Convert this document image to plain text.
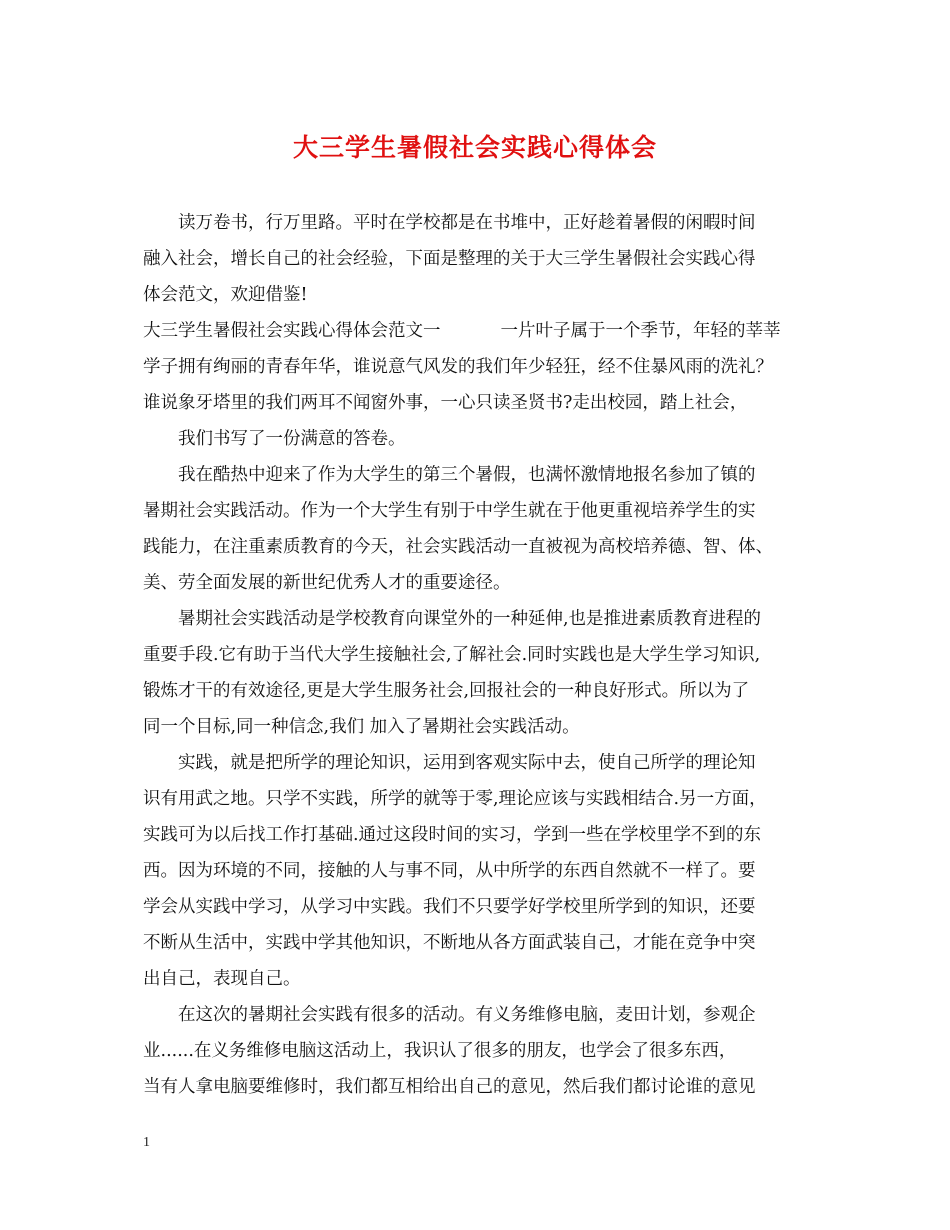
大三学生暑假社会实践心得体会
读万卷书，行万里路。平时在学校都是在书堆中，正好趁着暑假的闲暇时间
融入社会，增长自己的社会经验，下面是整理的关于大三学生暑假社会实践心得
体会范文，欢迎借鉴!
大三学生暑假社会实践心得体会范文一	一片叶子属于一个季节，年轻的莘莘
学子拥有绚丽的青春年华，谁说意气风发的我们年少轻狂，经不住暴风雨的洗礼？
谁说象牙塔里的我们两耳不闻窗外事，一心只读圣贤书?走出校园，踏上社会，
我们书写了一份满意的答卷。
我在酷热中迎来了作为大学生的第三个暑假，也满怀激情地报名参加了镇的
暑期社会实践活动。作为一个大学生有别于中学生就在于他更重视培养学生的实
践能力，在注重素质教育的今天，社会实践活动一直被视为高校培养德、智、体、
美、劳全面发展的新世纪优秀人才的重要途径。
暑期社会实践活动是学校教育向课堂外的一种延伸,也是推进素质教育进程的
重要手段.它有助于当代大学生接触社会,了解社会.同时实践也是大学生学习知识,
锻炼才干的有效途径,更是大学生服务社会,回报社会的一种良好形式。所以为了
同一个目标,同一种信念,我们 加入了暑期社会实践活动。
实践，就是把所学的理论知识，运用到客观实际中去，使自己所学的理论知
识有用武之地。只学不实践，所学的就等于零,理论应该与实践相结合.另一方面，
实践可为以后找工作打基础.通过这段时间的实习，学到一些在学校里学不到的东
西。因为环境的不同，接触的人与事不同，从中所学的东西自然就不一样了。要
学会从实践中学习，从学习中实践。我们不只要学好学校里所学到的知识，还要
不断从生活中，实践中学其他知识，不断地从各方面武装自己，才能在竞争中突
出自己，表现自己。
在这次的暑期社会实践有很多的活动。有义务维修电脑，麦田计划，参观企
业......在义务维修电脑这活动上，我识认了很多的朋友，也学会了很多东西，
当有人拿电脑要维修时，我们都互相给出自己的意见，然后我们都讨论谁的意见
1
